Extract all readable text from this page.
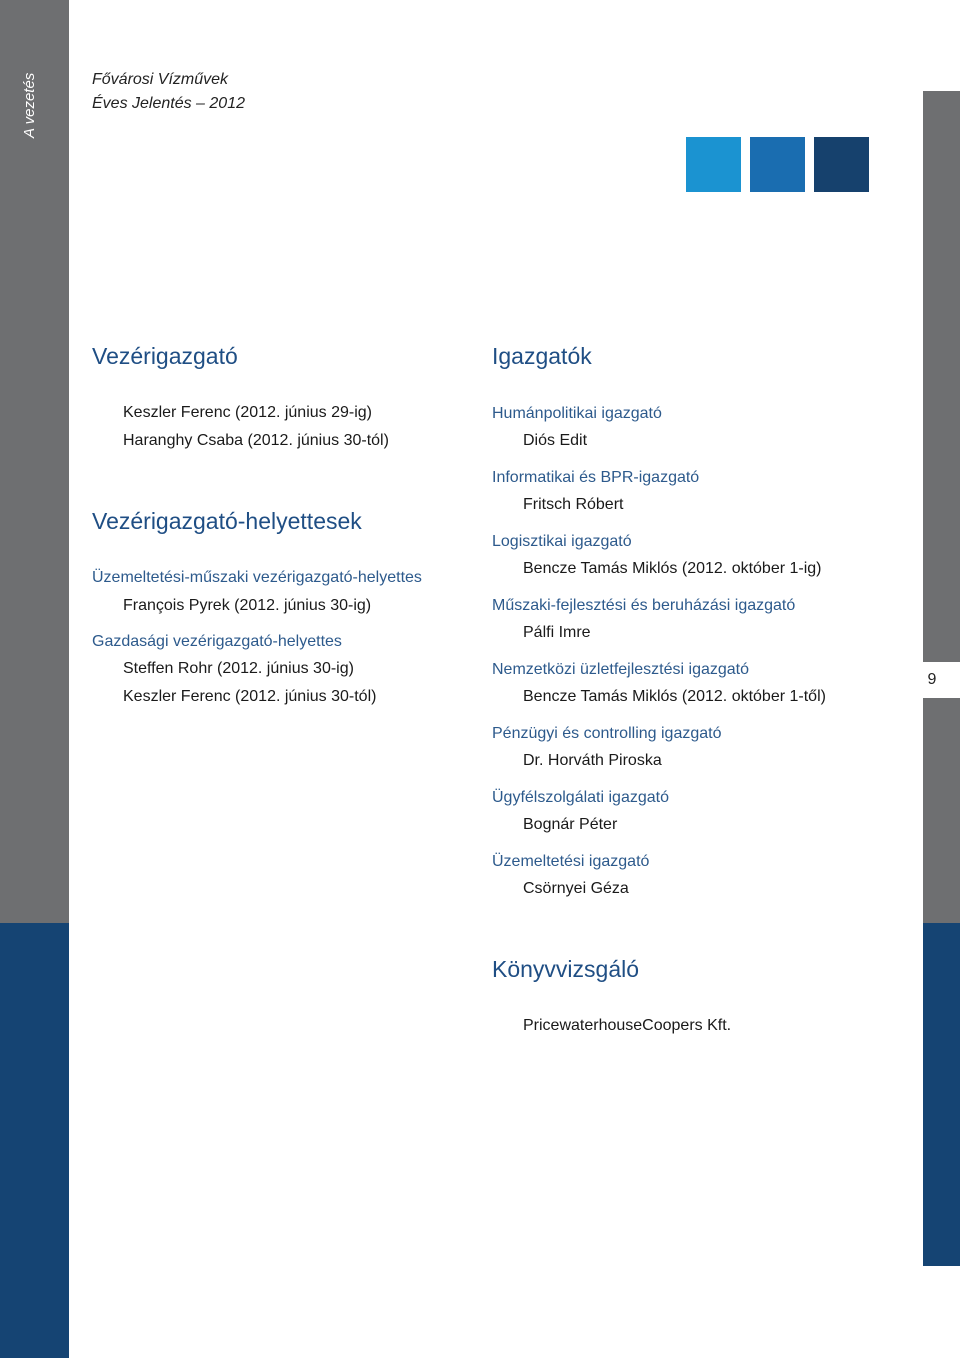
A vezetés	Fővárosi Vízművek
Éves Jelentés – 2012
9
Vezérigazgató
Keszler Ferenc (2012. június 29-ig)
Haranghy Csaba (2012. június 30-tól)
Vezérigazgató-helyettesek
Üzemeltetési-műszaki vezérigazgató-helyettes
François Pyrek (2012. június 30-ig)
Gazdasági vezérigazgató-helyettes
Steffen Rohr (2012. június 30-ig)
Keszler Ferenc (2012. június 30-tól)
Igazgatók
Humánpolitikai igazgató
Diós Edit
Informatikai és BPR-igazgató
Fritsch Róbert
Logisztikai igazgató
Bencze Tamás Miklós (2012. október 1-ig)
Műszaki-fejlesztési és beruházási igazgató
Pálfi Imre
Nemzetközi üzletfejlesztési igazgató
Bencze Tamás Miklós (2012. október 1-től)
Pénzügyi és controlling igazgató
Dr. Horváth Piroska
Ügyfélszolgálati igazgató
Bognár Péter
Üzemeltetési igazgató
Csörnyei Géza
Könyvvizsgáló
PricewaterhouseCoopers Kft.
